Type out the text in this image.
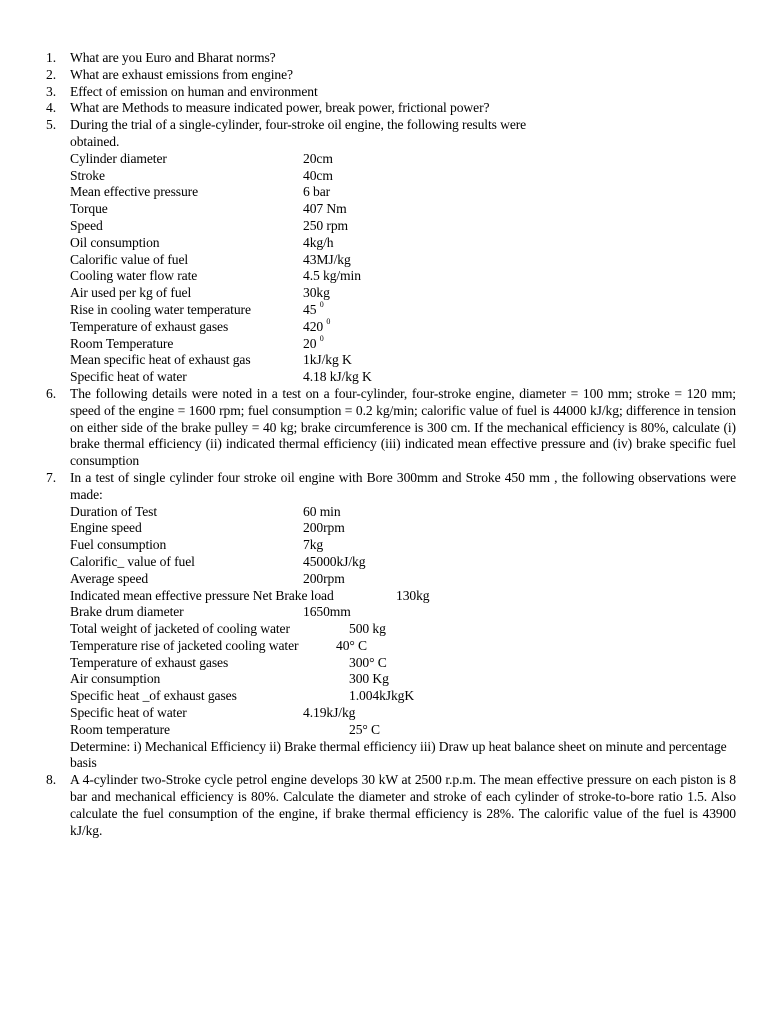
1. What are you Euro and Bharat norms?
2. What are exhaust emissions from engine?
3. Effect of emission on human and environment
4. What are Methods to measure indicated power, break power, frictional power?
5. During the trial of a single-cylinder, four-stroke oil engine, the following results were obtained.
Cylinder diameter	20cm
Stroke	40cm
Mean effective pressure	6 bar
Torque	407 Nm
Speed	250 rpm
Oil consumption	4kg/h
Calorific value of fuel	43MJ/kg
Cooling water flow rate	4.5 kg/min
Air used per kg of fuel	30kg
Rise in cooling water temperature	45 $^0$
Temperature of exhaust gases	420 $^0$
Room Temperature	20 $^0$
Mean specific heat of exhaust gas	1kJ/kg K
Specific heat of water	4.18 kJ/kg K
6. The following details were noted in a test on a four-cylinder, four-stroke engine, diameter = 100 mm; stroke = 120 mm; speed of the engine = 1600 rpm; fuel consumption = 0.2 kg/min; calorific value of fuel is 44000 kJ/kg; difference in tension on either side of the brake pulley = 40 kg; brake circumference is 300 cm. If the mechanical efficiency is 80%, calculate (i) brake thermal efficiency (ii) indicated thermal efficiency (iii) indicated mean effective pressure and (iv) brake specific fuel consumption
7. In a test of single cylinder four stroke oil engine with Bore 300mm and Stroke 450 mm , the following observations were made:
Duration of Test	60 min
Engine speed	200rpm
Fuel consumption	7kg
Calorific_ value of fuel	45000kJ/kg
Average speed	200rpm
Indicated mean effective pressure Net Brake load	130kg
Brake drum diameter	1650mm
Total weight of jacketed of cooling water	500 kg
Temperature rise of jacketed cooling water	40° C
Temperature of exhaust gases	300° C
Air consumption	300 Kg
Specific heat _of exhaust gases	1.004kJkgK
Specific heat of water	4.19kJ/kg
Room temperature	25° C
Determine: i) Mechanical Efficiency ii) Brake thermal efficiency iii) Draw up heat balance sheet on minute and percentage basis
8. A 4-cylinder two-Stroke cycle petrol engine develops 30 kW at 2500 r.p.m. The mean effective pressure on each piston is 8 bar and mechanical efficiency is 80%. Calculate the diameter and stroke of each cylinder of stroke-to-bore ratio 1.5. Also calculate the fuel consumption of the engine, if brake thermal efficiency is 28%. The calorific value of the fuel is 43900 kJ/kg.
